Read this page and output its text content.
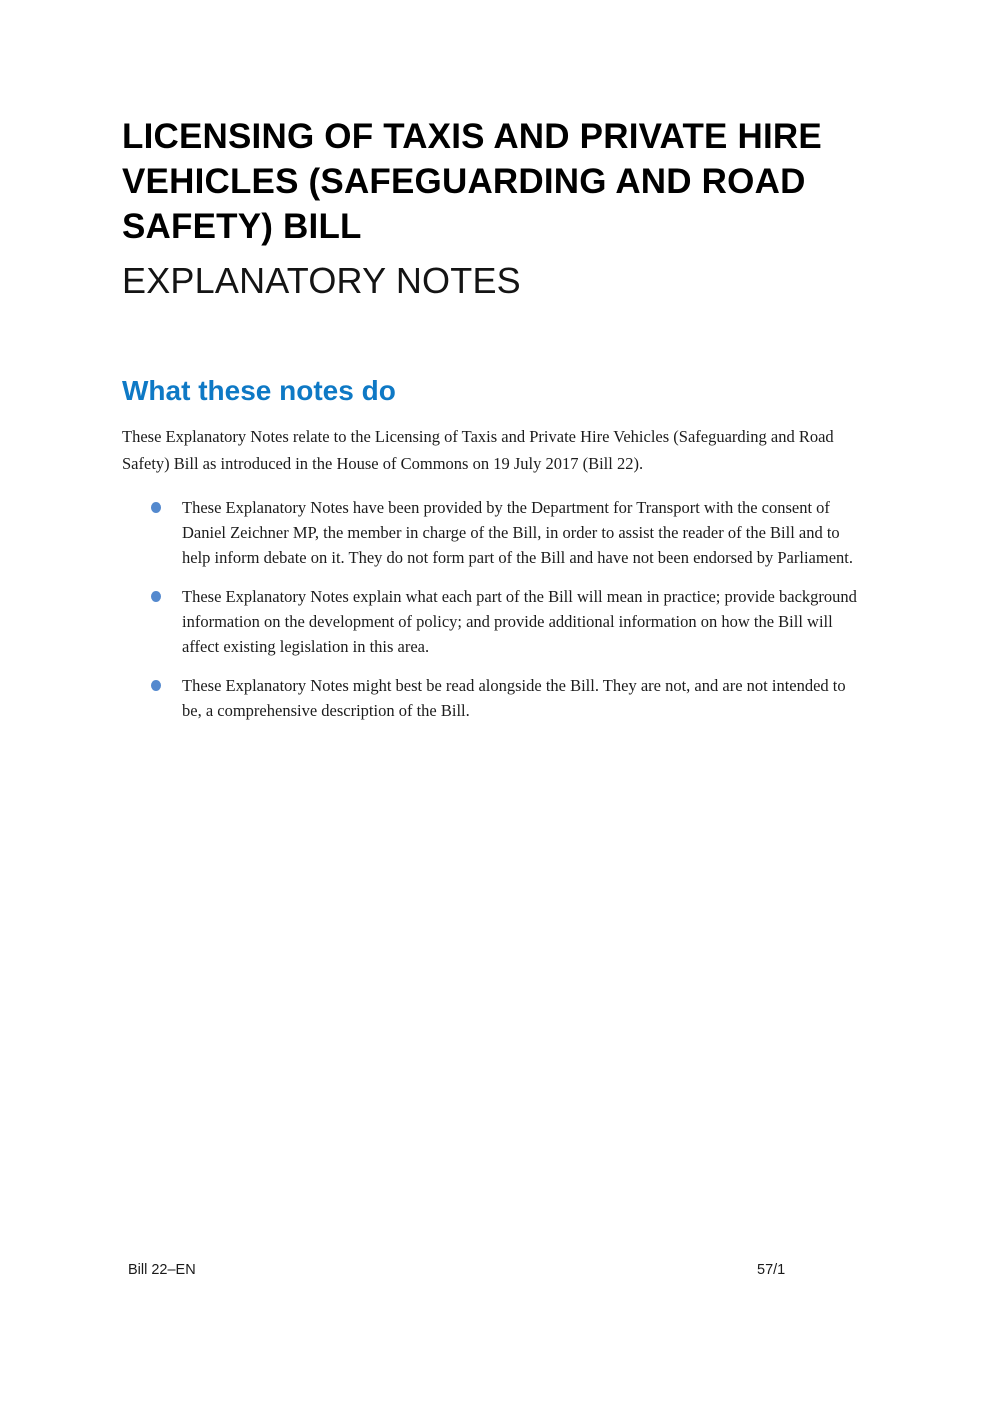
LICENSING OF TAXIS AND PRIVATE HIRE VEHICLES (SAFEGUARDING AND ROAD SAFETY) BILL
EXPLANATORY NOTES
What these notes do

These Explanatory Notes relate to the Licensing of Taxis and Private Hire Vehicles (Safeguarding and Road Safety) Bill as introduced in the House of Commons on 19 July 2017 (Bill 22).

These Explanatory Notes have been provided by the Department for Transport with the consent of Daniel Zeichner MP, the member in charge of the Bill, in order to assist the reader of the Bill and to help inform debate on it. They do not form part of the Bill and have not been endorsed by Parliament.
These Explanatory Notes explain what each part of the Bill will mean in practice; provide background information on the development of policy; and provide additional information on how the Bill will affect existing legislation in this area.
These Explanatory Notes might best be read alongside the Bill. They are not, and are not intended to be, a comprehensive description of the Bill.
Bill 22–EN	57/1
